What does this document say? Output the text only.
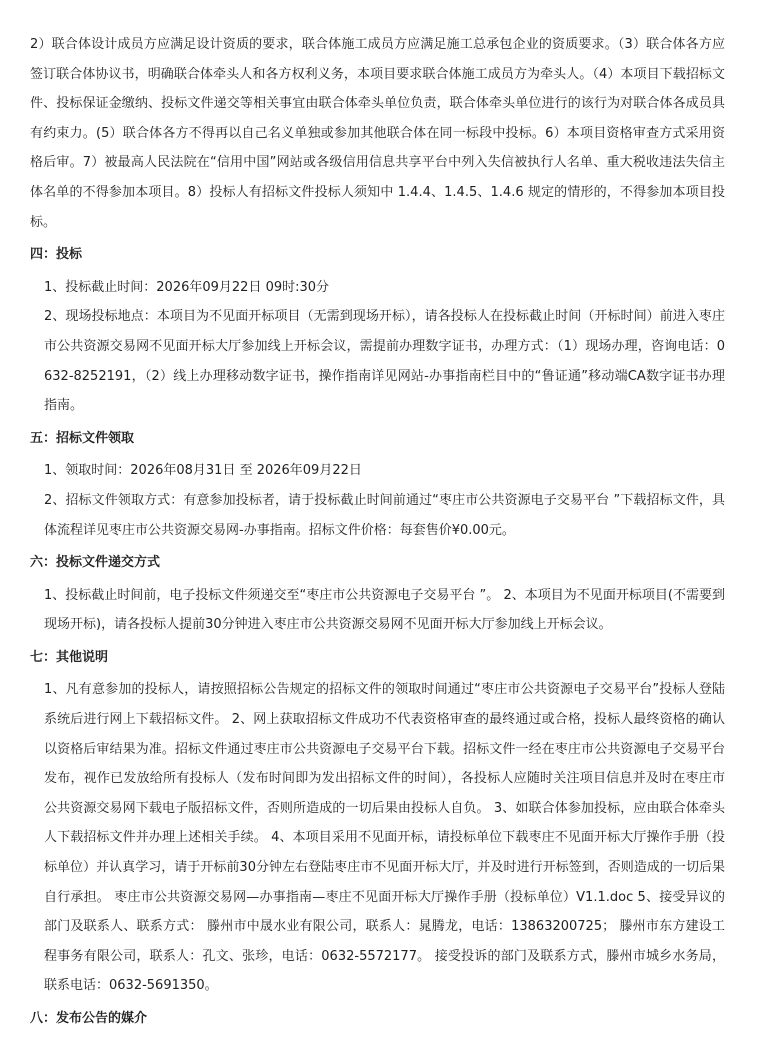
2）联合体设计成员方应满足设计资质的要求，联合体施工成员方应满足施工总承包企业的资质要求。（3）联合体各方应签订联合体协议书，明确联合体牵头人和各方权利义务，本项目要求联合体施工成员方为牵头人。（4）本项目下载招标文件、投标保证金缴纳、投标文件递交等相关事宜由联合体牵头单位负责，联合体牵头单位进行的该行为对联合体各成员具有约束力。(5）联合体各方不得再以自己名义单独或参加其他联合体在同一标段中投标。6）本项目资格审查方式采用资格后审。7）被最高人民法院在“信用中国”网站或各级信用信息共享平台中列入失信被执行人名单、重大税收违法失信主体名单的不得参加本项目。8）投标人有招标文件投标人须知中 1.4.4、1.4.5、1.4.6 规定的情形的，不得参加本项目投标。

四：投标

1、投标截止时间：2026年09月22日 09时:30分

2、现场投标地点：本项目为不见面开标项目（无需到现场开标），请各投标人在投标截止时间（开标时间）前进入枣庄市公共资源交易网不见面开标大厅参加线上开标会议，需提前办理数字证书，办理方式：（1）现场办理，咨询电话：0632-8252191，（2）线上办理移动数字证书，操作指南详见网站-办事指南栏目中的“鲁证通”移动端CA数字证书办理指南。

五：招标文件领取

1、领取时间：2026年08月31日 至 2026年09月22日

2、招标文件领取方式：有意参加投标者，请于投标截止时间前通过“枣庄市公共资源电子交易平台 ”下载招标文件，具体流程详见枣庄市公共资源交易网-办事指南。招标文件价格：每套售价¥0.00元。

六：投标文件递交方式

1、投标截止时间前，电子投标文件须递交至“枣庄市公共资源电子交易平台 ”。 2、本项目为不见面开标项目(不需要到现场开标)，请各投标人提前30分钟进入枣庄市公共资源交易网不见面开标大厅参加线上开标会议。

七：其他说明

1、凡有意参加的投标人，请按照招标公告规定的招标文件的领取时间通过“枣庄市公共资源电子交易平台”投标人登陆系统后进行网上下载招标文件。 2、网上获取招标文件成功不代表资格审查的最终通过或合格，投标人最终资格的确认以资格后审结果为准。招标文件通过枣庄市公共资源电子交易平台下载。招标文件一经在枣庄市公共资源电子交易平台发布，视作已发放给所有投标人（发布时间即为发出招标文件的时间），各投标人应随时关注项目信息并及时在枣庄市公共资源交易网下载电子版招标文件，否则所造成的一切后果由投标人自负。 3、如联合体参加投标，应由联合体牵头人下载招标文件并办理上述相关手续。 4、本项目采用不见面开标，请投标单位下载枣庄不见面开标大厅操作手册（投标单位）并认真学习，请于开标前30分钟左右登陆枣庄市不见面开标大厅，并及时进行开标签到，否则造成的一切后果自行承担。 枣庄市公共资源交易网—办事指南—枣庄不见面开标大厅操作手册（投标单位）V1.1.doc 5、接受异议的部门及联系人、联系方式： 滕州市中晟水业有限公司，联系人：晁腾龙，电话：13863200725； 滕州市东方建设工程事务有限公司，联系人：孔文、张珍，电话：0632-5572177。 接受投诉的部门及联系方式，滕州市城乡水务局，联系电话：0632-5691350。

八：发布公告的媒介
